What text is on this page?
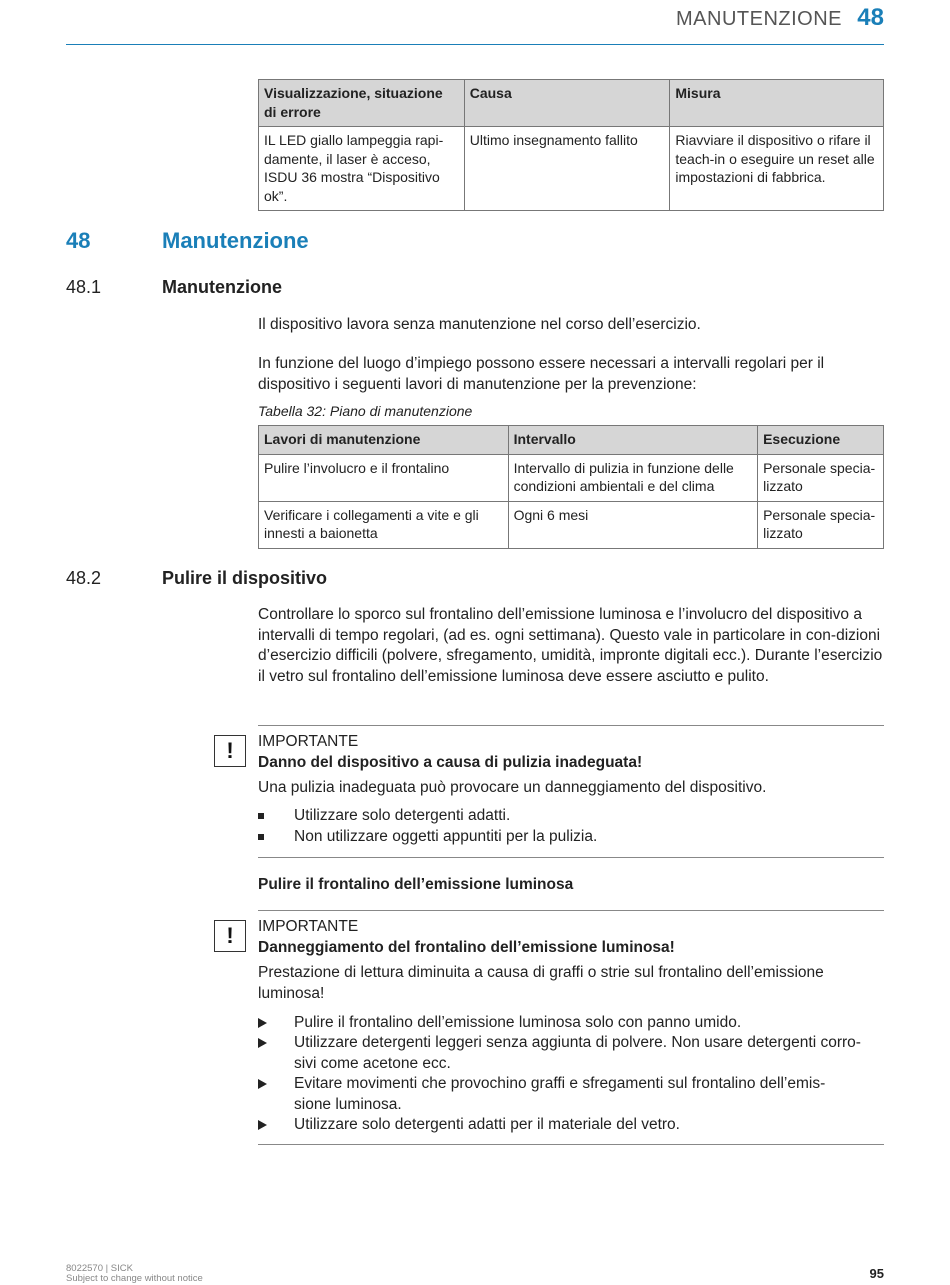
MANUTENZIONE 48
Visualizzazione, situazione di errore	Causa	Misura
IL LED giallo lampeggia rapi-damente, il laser è acceso, ISDU 36 mostra “Dispositivo ok”.	Ultimo insegnamento fallito	Riavviare il dispositivo o rifare il teach-in o eseguire un reset alle impostazioni di fabbrica.
48	Manutenzione
48.1	Manutenzione
Il dispositivo lavora senza manutenzione nel corso dell’esercizio.
In funzione del luogo d’impiego possono essere necessari a intervalli regolari per il dispositivo i seguenti lavori di manutenzione per la prevenzione:
Tabella 32: Piano di manutenzione
Lavori di manutenzione	Intervallo	Esecuzione
Pulire l’involucro e il frontalino	Intervallo di pulizia in funzione delle condizioni ambientali e del clima	Personale specia-lizzato
Verificare i collegamenti a vite e gli innesti a baionetta	Ogni 6 mesi	Personale specia-lizzato
48.2	Pulire il dispositivo
Controllare lo sporco sul frontalino dell’emissione luminosa e l’involucro del dispositivo a intervalli di tempo regolari, (ad es. ogni settimana). Questo vale in particolare in con-dizioni d’esercizio difficili (polvere, sfregamento, umidità, impronte digitali ecc.). Durante l’esercizio il vetro sul frontalino dell’emissione luminosa deve essere asciutto e pulito.
!	IMPORTANTE
Danno del dispositivo a causa di pulizia inadeguata!
Una pulizia inadeguata può provocare un danneggiamento del dispositivo.
Utilizzare solo detergenti adatti.
Non utilizzare oggetti appuntiti per la pulizia.
Pulire il frontalino dell’emissione luminosa
!	IMPORTANTE
Danneggiamento del frontalino dell’emissione luminosa!
Prestazione di lettura diminuita a causa di graffi o strie sul frontalino dell’emissione luminosa!
Pulire il frontalino dell’emissione luminosa solo con panno umido.
Utilizzare detergenti leggeri senza aggiunta di polvere. Non usare detergenti corro-sivi come acetone ecc.
Evitare movimenti che provochino graffi e sfregamenti sul frontalino dell’emis-sione luminosa.
Utilizzare solo detergenti adatti per il materiale del vetro.
8022570 | SICK
Subject to change without notice	95
